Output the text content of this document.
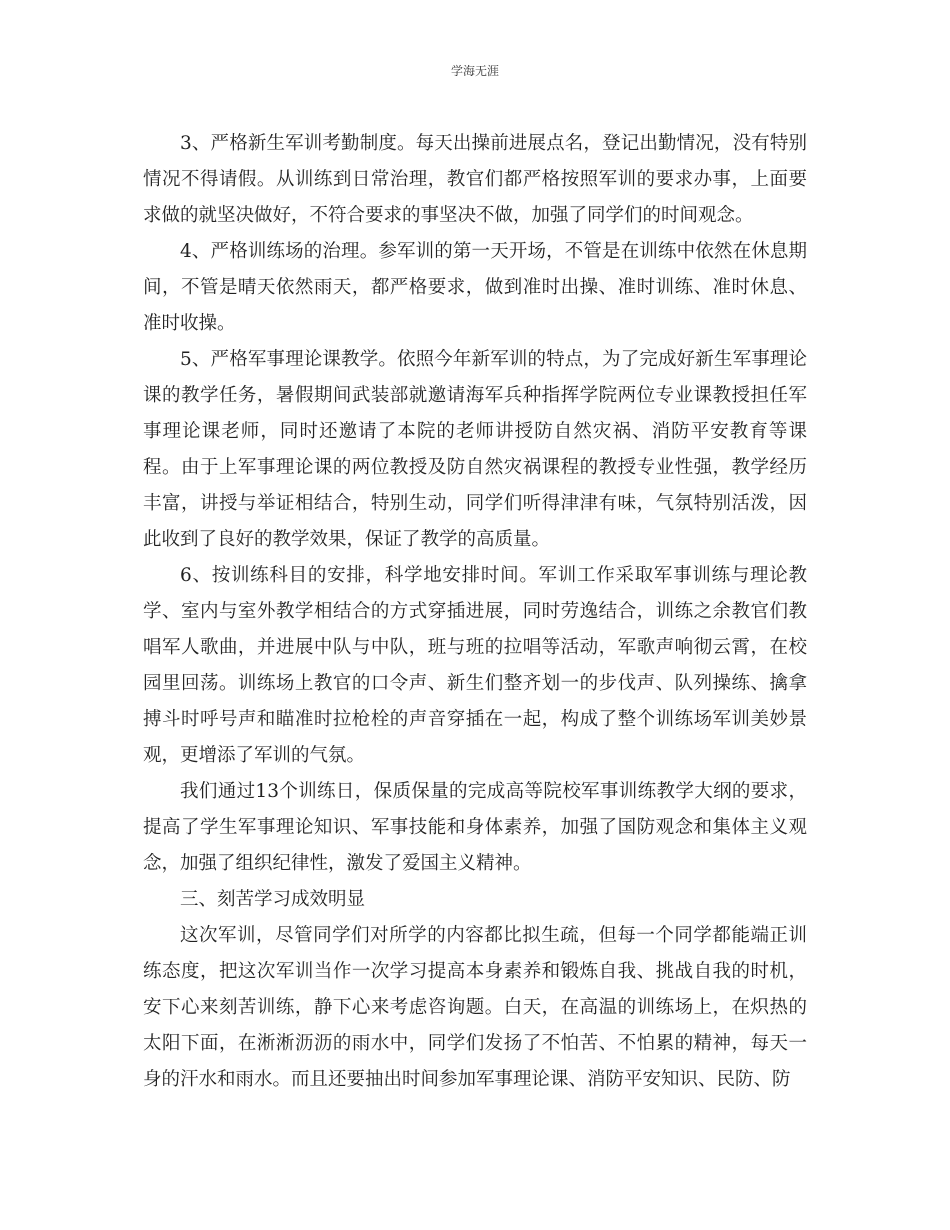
学海无涯

3、严格新生军训考勤制度。每天出操前进展点名，登记出勤情况，没有特别情况不得请假。从训练到日常治理，教官们都严格按照军训的要求办事，上面要求做的就坚决做好，不符合要求的事坚决不做，加强了同学们的时间观念。

4、严格训练场的治理。参军训的第一天开场，不管是在训练中依然在休息期间，不管是晴天依然雨天，都严格要求，做到准时出操、准时训练、准时休息、准时收操。

5、严格军事理论课教学。依照今年新军训的特点，为了完成好新生军事理论课的教学任务，暑假期间武装部就邀请海军兵种指挥学院两位专业课教授担任军事理论课老师，同时还邀请了本院的老师讲授防自然灾祸、消防平安教育等课程。由于上军事理论课的两位教授及防自然灾祸课程的教授专业性强，教学经历丰富，讲授与举证相结合，特别生动，同学们听得津津有味，气氛特别活泼，因此收到了良好的教学效果，保证了教学的高质量。

6、按训练科目的安排，科学地安排时间。军训工作采取军事训练与理论教学、室内与室外教学相结合的方式穿插进展，同时劳逸结合，训练之余教官们教唱军人歌曲，并进展中队与中队，班与班的拉唱等活动，军歌声响彻云霄，在校园里回荡。训练场上教官的口令声、新生们整齐划一的步伐声、队列操练、擒拿搏斗时呼号声和瞄准时拉枪栓的声音穿插在一起，构成了整个训练场军训美妙景观，更增添了军训的气氛。

我们通过13个训练日，保质保量的完成高等院校军事训练教学大纲的要求，提高了学生军事理论知识、军事技能和身体素养，加强了国防观念和集体主义观念，加强了组织纪律性，激发了爱国主义精神。

三、刻苦学习成效明显

这次军训，尽管同学们对所学的内容都比拟生疏，但每一个同学都能端正训练态度，把这次军训当作一次学习提高本身素养和锻炼自我、挑战自我的时机，安下心来刻苦训练，静下心来考虑咨询题。白天，在高温的训练场上，在炽热的太阳下面，在淅淅沥沥的雨水中，同学们发扬了不怕苦、不怕累的精神，每天一身的汗水和雨水。而且还要抽出时间参加军事理论课、消防平安知识、民防、防
